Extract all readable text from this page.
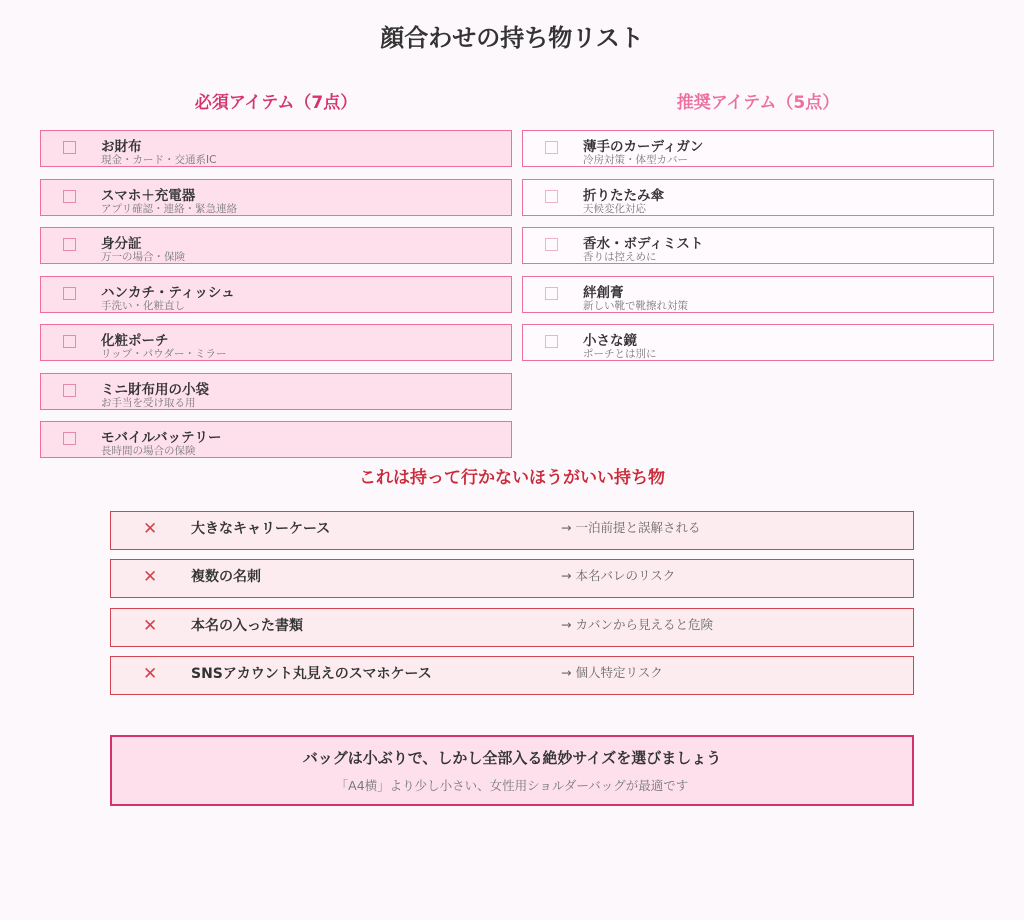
顔合わせの持ち物リスト
必須アイテム（7点）	推奨アイテム（5点）
お財布
現金・カード・交通系IC
スマホ＋充電器
アプリ確認・連絡・緊急連絡
身分証
万一の場合・保険
ハンカチ・ティッシュ
手洗い・化粧直し
化粧ポーチ
リップ・パウダー・ミラー
ミニ財布用の小袋
お手当を受け取る用
モバイルバッテリー
長時間の場合の保険
薄手のカーディガン
冷房対策・体型カバー
折りたたみ傘
天候変化対応
香水・ボディミスト
香りは控えめに
絆創膏
新しい靴で靴擦れ対策
小さな鏡
ポーチとは別に
これは持って行かないほうがいい持ち物
✕ 大きなキャリーケース	→ 一泊前提と誤解される
✕ 複数の名刺	→ 本名バレのリスク
✕ 本名の入った書類	→ カバンから見えると危険
✕ SNSアカウント丸見えのスマホケース	→ 個人特定リスク
バッグは小ぶりで、しかし全部入る絶妙サイズを選びましょう
「A4横」より少し小さい、女性用ショルダーバッグが最適です
